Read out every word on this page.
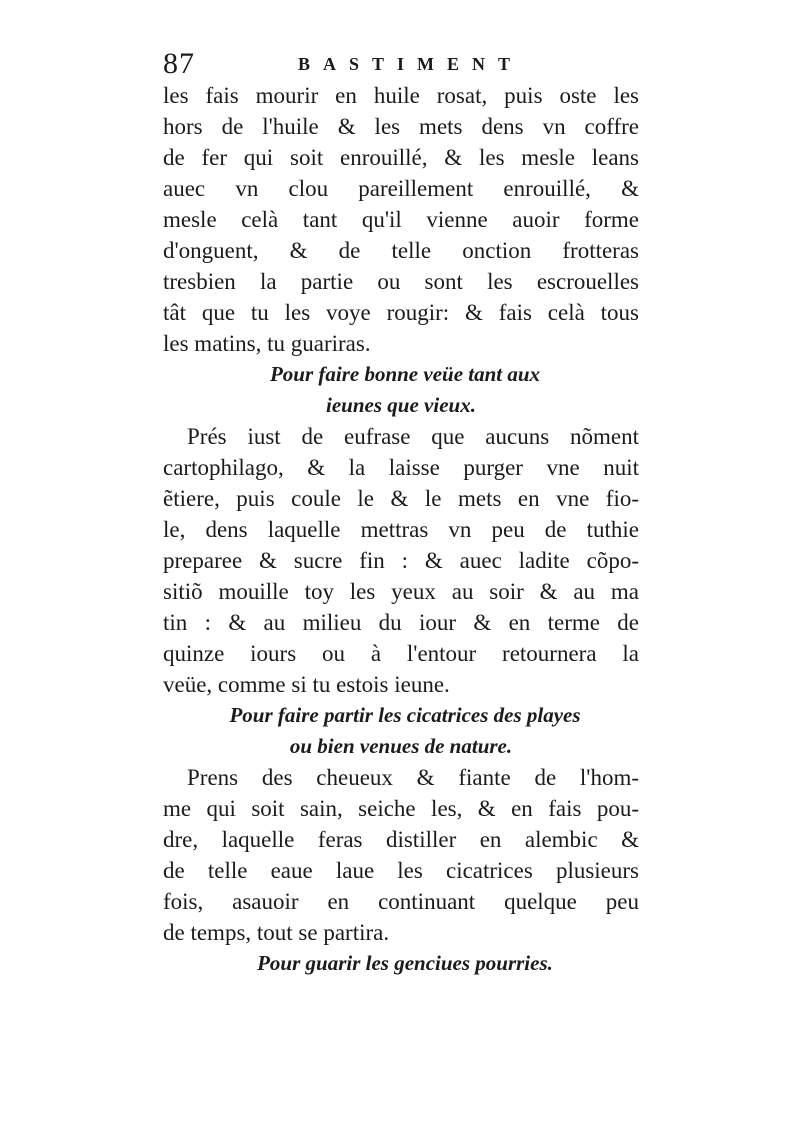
87	BASTIMENT
les fais mourir en huile rosat, puis oste les
hors de l'huile & les mets dens vn coffre
de fer qui soit enrouillé, & les mesle leans
auec vn clou pareillement enrouillé, &
mesle celà tant qu'il vienne auoir forme
d'onguent, & de telle onction frotteras
tresbien la partie ou sont les escrouelles
tât que tu les voye rougir: & fais celà tous
les matins, tu guariras.
Pour faire bonne veüe tant aux
ieunes que vieux.
Prés iust de eufrase que aucuns nõment
cartophilago, & la laisse purger vne nuit
ẽtiere, puis coule le & le mets en vne fio-
le, dens laquelle mettras vn peu de tuthie
preparee & sucre fin : & auec ladite cõpo-
sitiõ mouille toy les yeux au soir & au ma
tin : & au milieu du iour & en terme de
quinze iours ou à l'entour retournera la
veüe, comme si tu estois ieune.
Pour faire partir les cicatrices des playes
ou bien venues de nature.
Prens des cheueux & fiante de l'hom-
me qui soit sain, seiche les, & en fais pou-
dre, laquelle feras distiller en alembic &
de telle eaue laue les cicatrices plusieurs
fois, asauoir en continuant quelque peu
de temps, tout se partira.
Pour guarir les genciues pourries.
